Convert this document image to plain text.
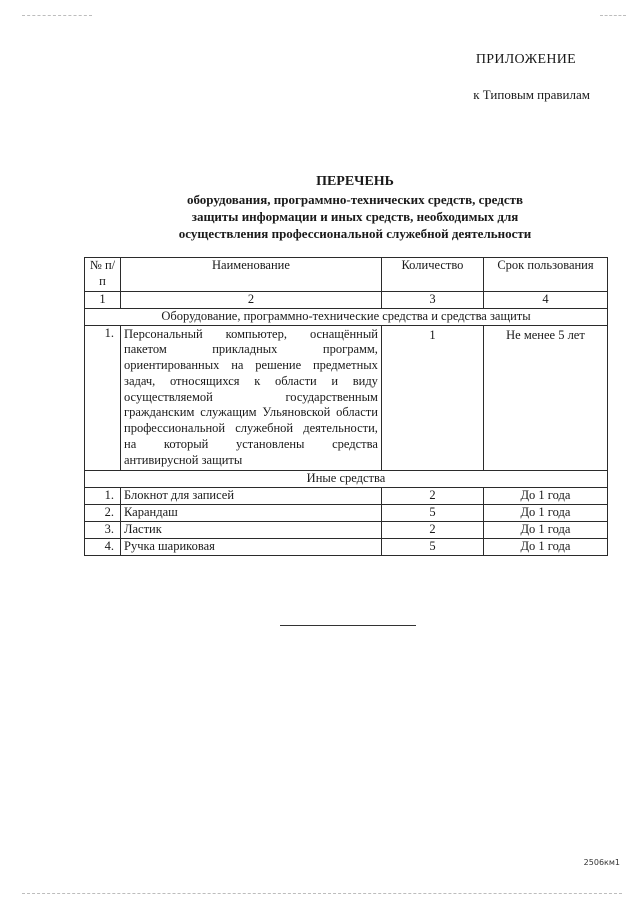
ПРИЛОЖЕНИЕ
к Типовым правилам
ПЕРЕЧЕНЬ
оборудования, программно-технических средств, средств
защиты информации и иных средств, необходимых для
осуществления профессиональной служебной деятельности
№ п/п	Наименование	Количество	Срок пользования
1	2	3	4
Оборудование, программно-технические средства и средства защиты			
1.	Персональный компьютер, оснащённый пакетом прикладных программ, ориентированных на решение предметных задач, относящихся к области и виду осуществляемой государственным гражданским служащим Ульяновской области профессиональной служебной деятельности, на который установлены средства антивирусной защиты	1	Не менее 5 лет
Иные средства			
1.	Блокнот для записей	2	До 1 года
2.	Карандаш	5	До 1 года
3.	Ластик	2	До 1 года
4.	Ручка шариковая	5	До 1 года
2506км1
